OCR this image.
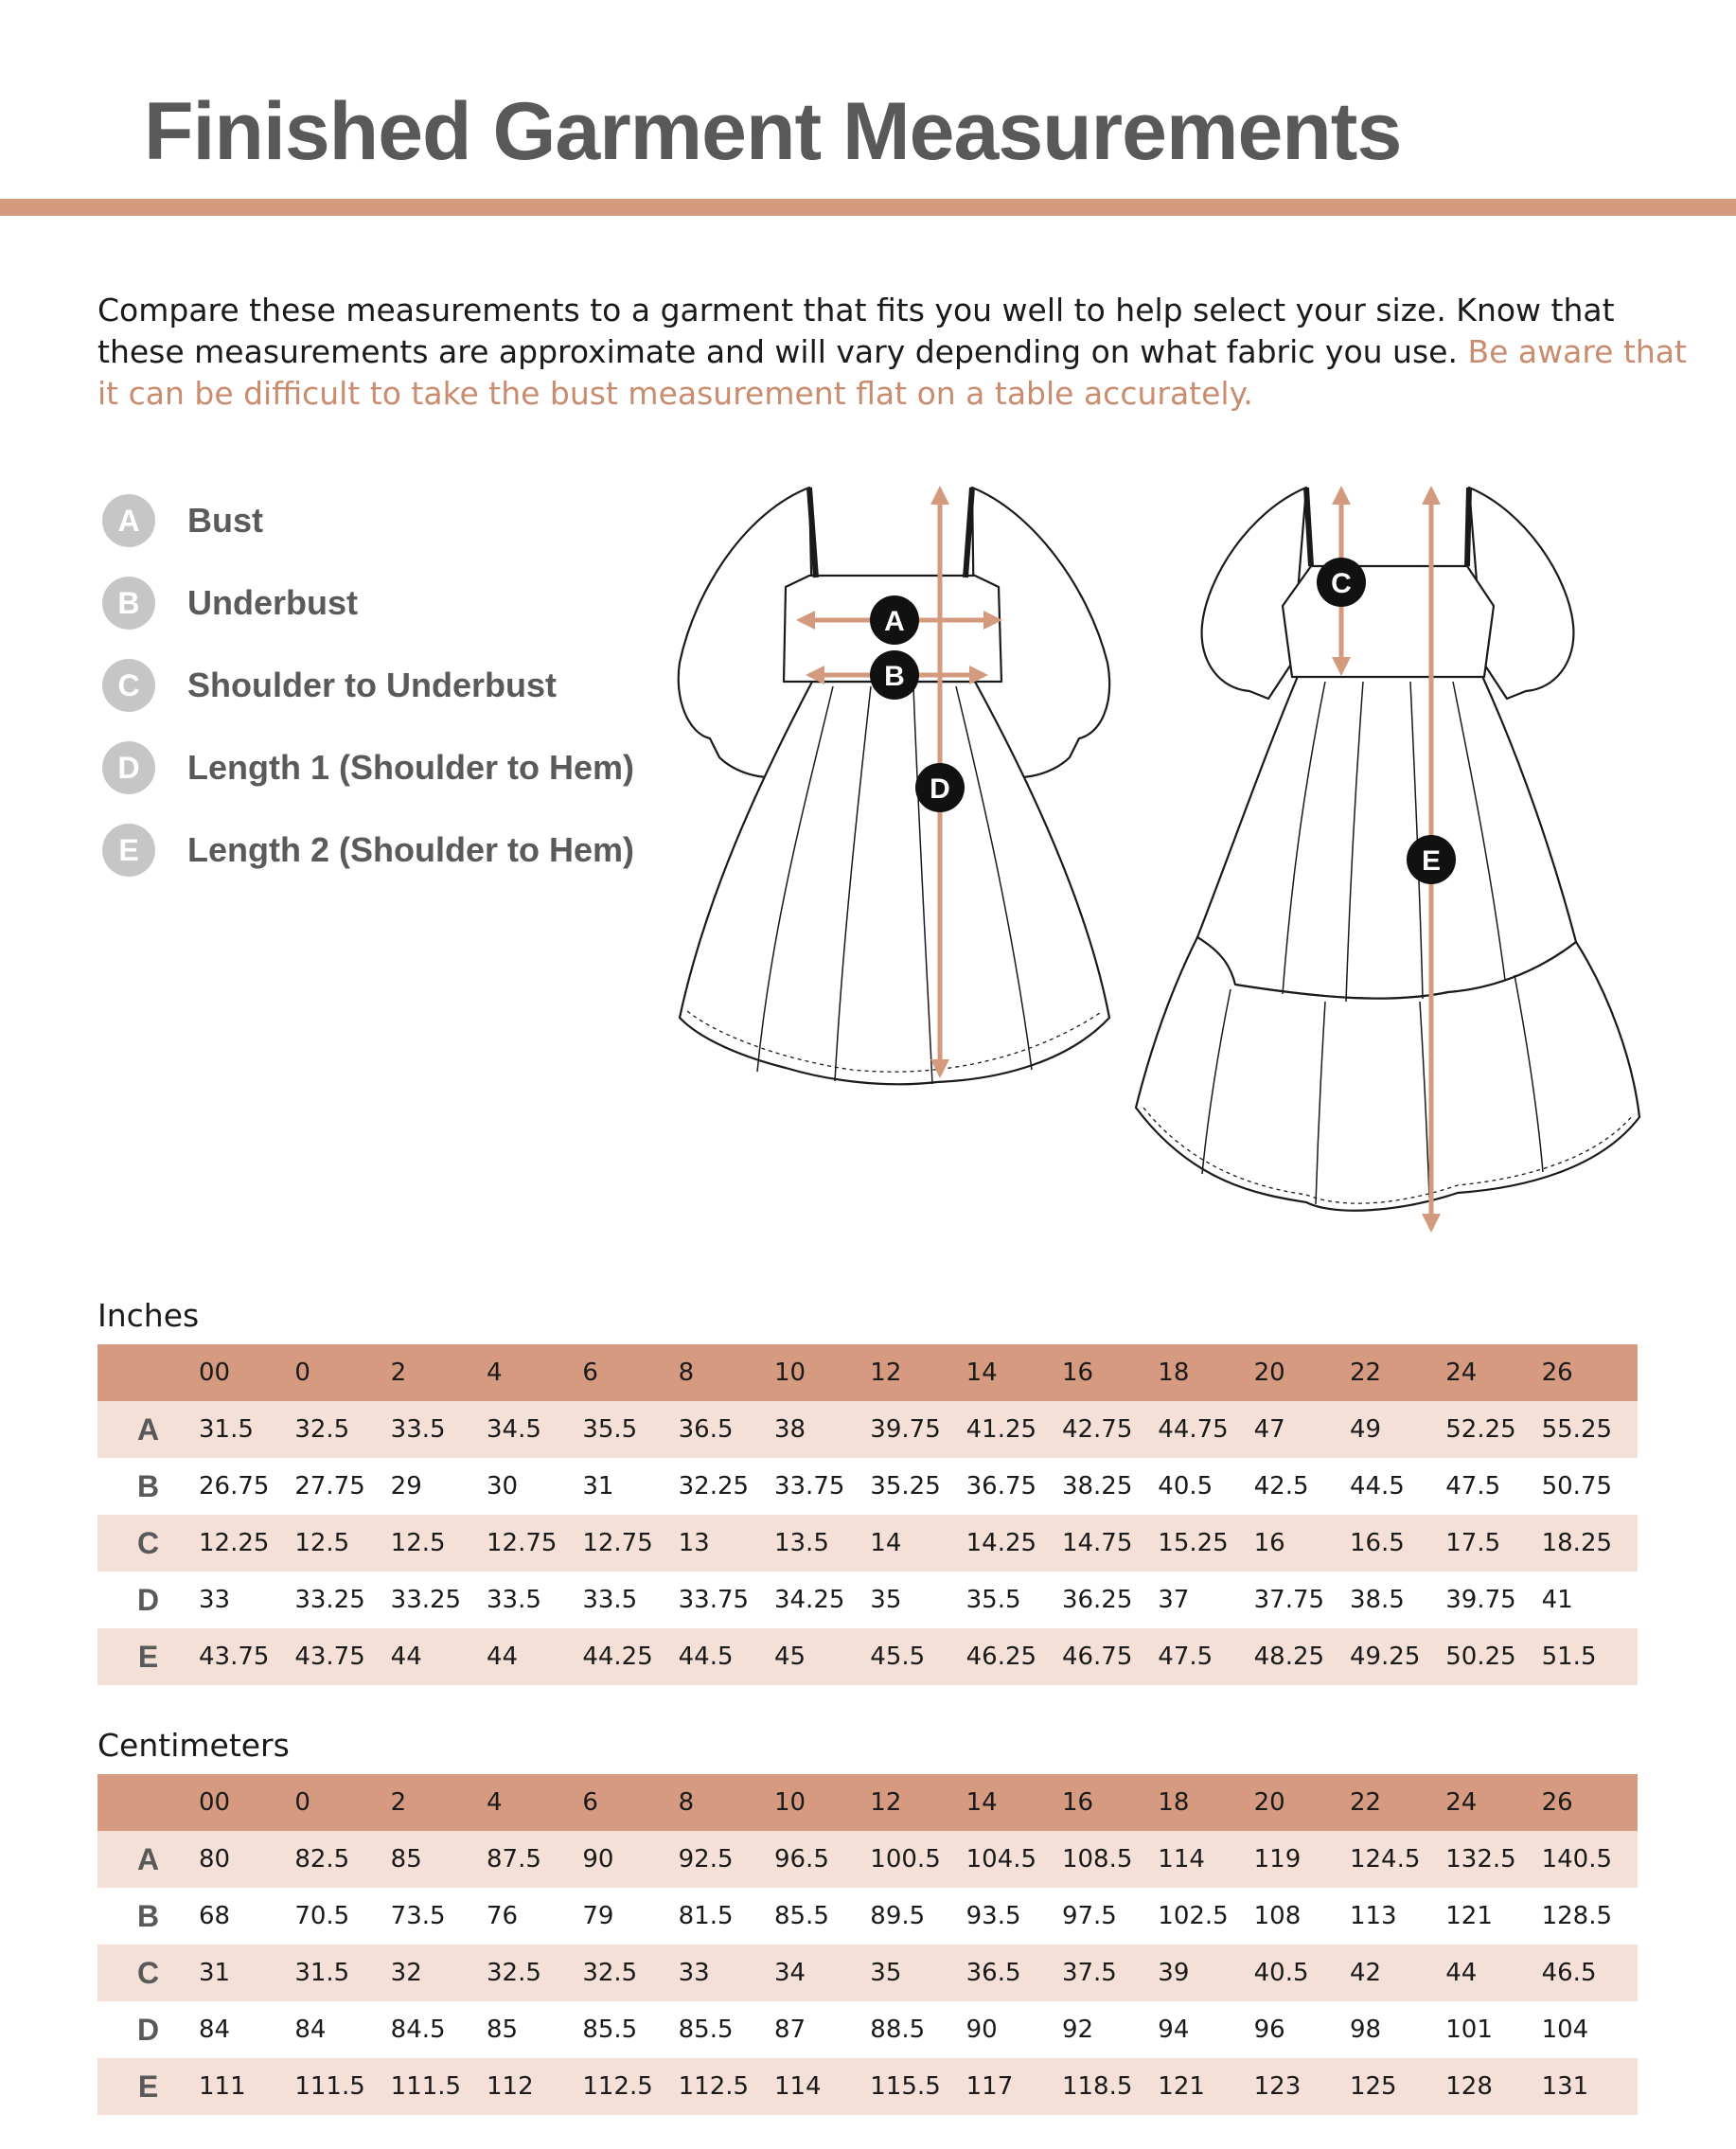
Finished Garment Measurements

Compare these measurements to a garment that fits you well to help select your size. Know that these measurements are approximate and will vary depending on what fabric you use. Be aware that it can be difficult to take the bust measurement flat on a table accurately.

A	Bust
B	Underbust
C	Shoulder to Underbust
D	Length 1 (Shoulder to Hem)
E	Length 2 (Shoulder to Hem)
A
B
C
D
E
Inches
	00	0	2	4	6	8	10	12	14	16	18	20	22	24	26
A	31.5	32.5	33.5	34.5	35.5	36.5	38	39.75	41.25	42.75	44.75	47	49	52.25	55.25
B	26.75	27.75	29	30	31	32.25	33.75	35.25	36.75	38.25	40.5	42.5	44.5	47.5	50.75
C	12.25	12.5	12.5	12.75	12.75	13	13.5	14	14.25	14.75	15.25	16	16.5	17.5	18.25
D	33	33.25	33.25	33.5	33.5	33.75	34.25	35	35.5	36.25	37	37.75	38.5	39.75	41
E	43.75	43.75	44	44	44.25	44.5	45	45.5	46.25	46.75	47.5	48.25	49.25	50.25	51.5
Centimeters
	00	0	2	4	6	8	10	12	14	16	18	20	22	24	26
A	80	82.5	85	87.5	90	92.5	96.5	100.5	104.5	108.5	114	119	124.5	132.5	140.5
B	68	70.5	73.5	76	79	81.5	85.5	89.5	93.5	97.5	102.5	108	113	121	128.5
C	31	31.5	32	32.5	32.5	33	34	35	36.5	37.5	39	40.5	42	44	46.5
D	84	84	84.5	85	85.5	85.5	87	88.5	90	92	94	96	98	101	104
E	111	111.5	111.5	112	112.5	112.5	114	115.5	117	118.5	121	123	125	128	131
